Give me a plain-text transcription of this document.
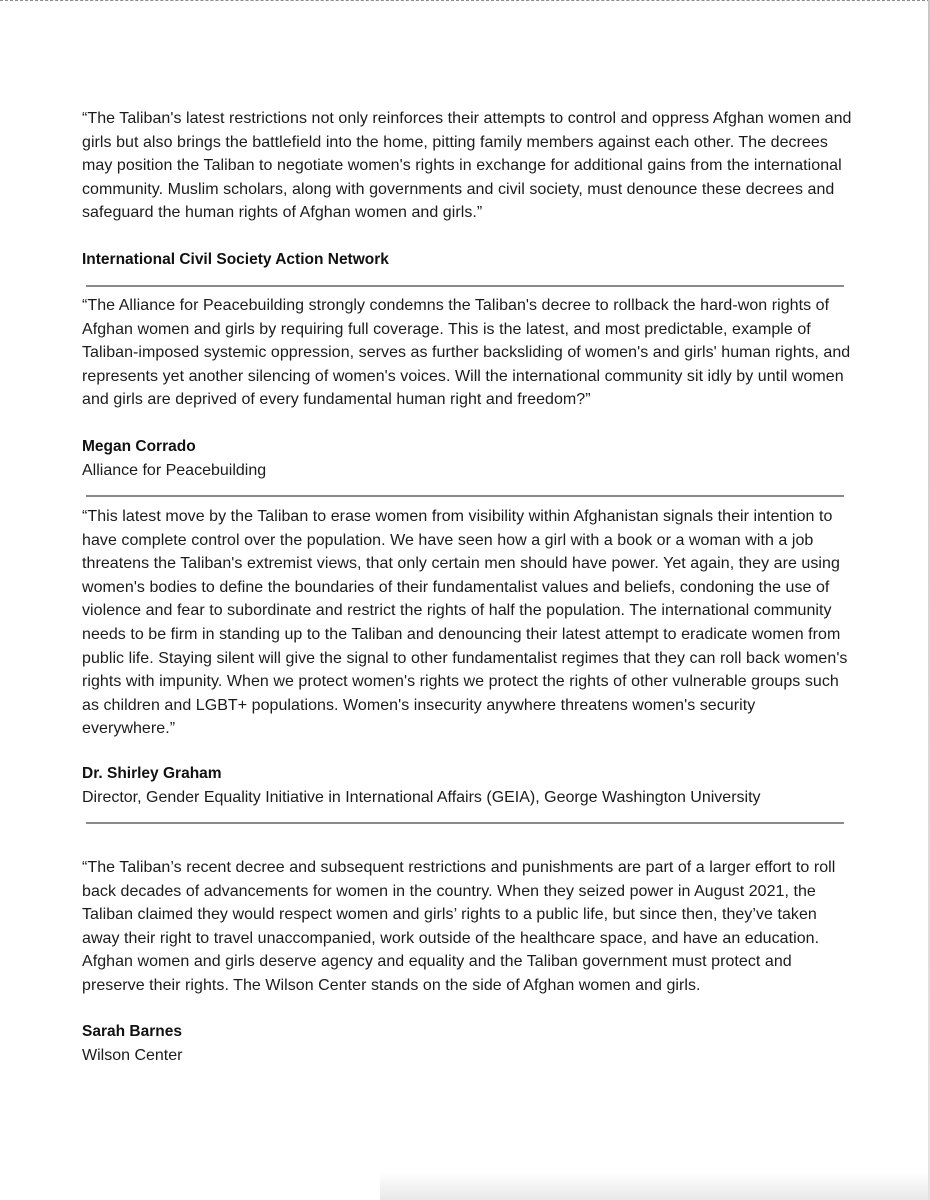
“The Taliban's latest restrictions not only reinforces their attempts to control and oppress Afghan women and girls but also brings the battlefield into the home, pitting family members against each other. The decrees may position the Taliban to negotiate women's rights in exchange for additional gains from the international community. Muslim scholars, along with governments and civil society, must denounce these decrees and safeguard the human rights of Afghan women and girls.”

International Civil Society Action Network

“The Alliance for Peacebuilding strongly condemns the Taliban's decree to rollback the hard-won rights of Afghan women and girls by requiring full coverage. This is the latest, and most predictable, example of Taliban-imposed systemic oppression, serves as further backsliding of women's and girls' human rights, and represents yet another silencing of women's voices. Will the international community sit idly by until women and girls are deprived of every fundamental human right and freedom?”

Megan Corrado
Alliance for Peacebuilding

“This latest move by the Taliban to erase women from visibility within Afghanistan signals their intention to have complete control over the population. We have seen how a girl with a book or a woman with a job threatens the Taliban's extremist views, that only certain men should have power. Yet again, they are using women's bodies to define the boundaries of their fundamentalist values and beliefs, condoning the use of violence and fear to subordinate and restrict the rights of half the population. The international community needs to be firm in standing up to the Taliban and denouncing their latest attempt to eradicate women from public life. Staying silent will give the signal to other fundamentalist regimes that they can roll back women's rights with impunity. When we protect women's rights we protect the rights of other vulnerable groups such as children and LGBT+ populations. Women's insecurity anywhere threatens women's security everywhere.”

Dr. Shirley Graham
Director, Gender Equality Initiative in International Affairs (GEIA), George Washington University

“The Taliban’s recent decree and subsequent restrictions and punishments are part of a larger effort to roll back decades of advancements for women in the country. When they seized power in August 2021, the Taliban claimed they would respect women and girls’ rights to a public life, but since then, they’ve taken away their right to travel unaccompanied, work outside of the healthcare space, and have an education. Afghan women and girls deserve agency and equality and the Taliban government must protect and preserve their rights. The Wilson Center stands on the side of Afghan women and girls.

Sarah Barnes
Wilson Center
